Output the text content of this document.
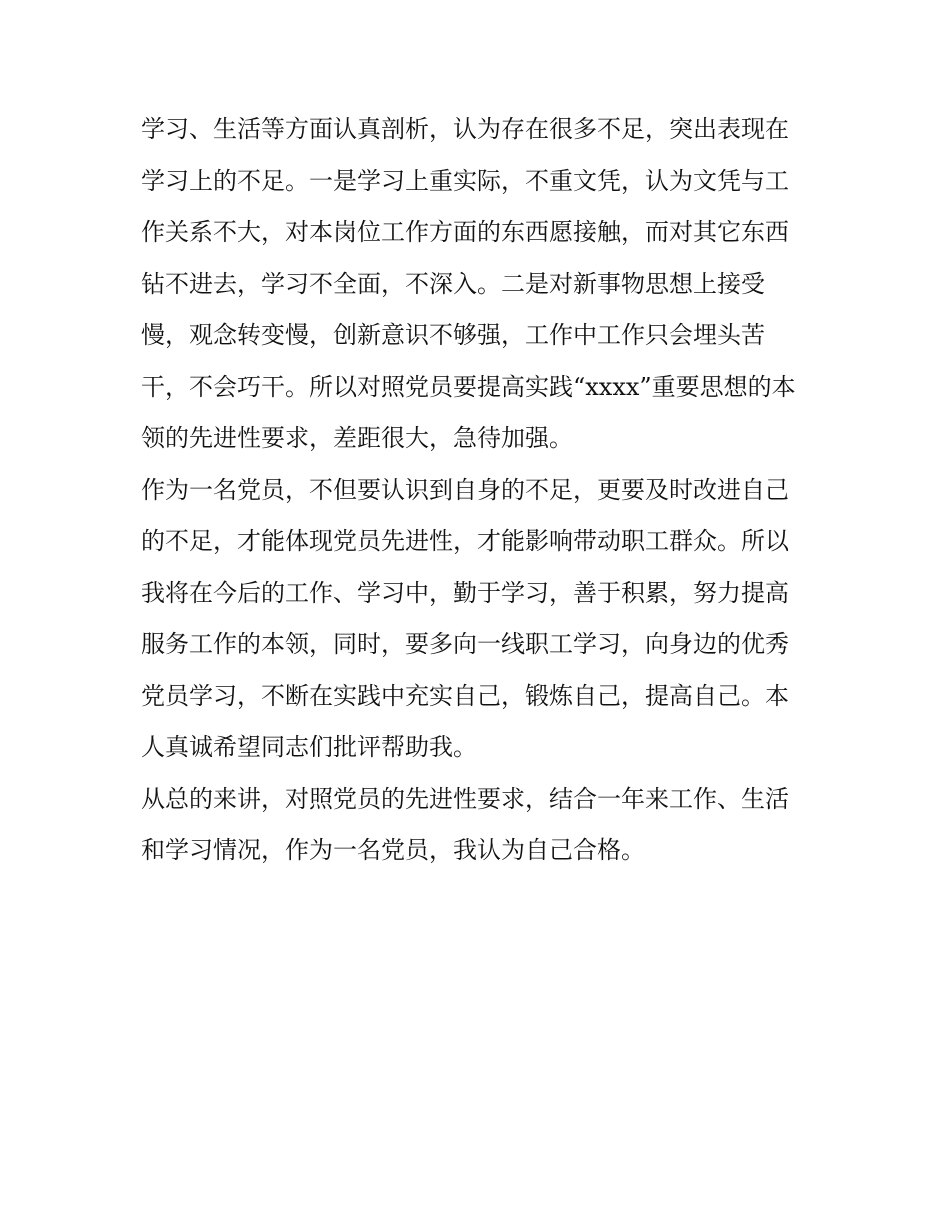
学习、生活等方面认真剖析，认为存在很多不足，突出表现在
学习上的不足。一是学习上重实际，不重文凭，认为文凭与工
作关系不大，对本岗位工作方面的东西愿接触，而对其它东西
钻不进去，学习不全面，不深入。二是对新事物思想上接受
慢，观念转变慢，创新意识不够强，工作中工作只会埋头苦
干，不会巧干。所以对照党员要提高实践“xxxx”重要思想的本
领的先进性要求，差距很大，急待加强。
作为一名党员，不但要认识到自身的不足，更要及时改进自己
的不足，才能体现党员先进性，才能影响带动职工群众。所以
我将在今后的工作、学习中，勤于学习，善于积累，努力提高
服务工作的本领，同时，要多向一线职工学习，向身边的优秀
党员学习，不断在实践中充实自己，锻炼自己，提高自己。本
人真诚希望同志们批评帮助我。
从总的来讲，对照党员的先进性要求，结合一年来工作、生活
和学习情况，作为一名党员，我认为自己合格。
